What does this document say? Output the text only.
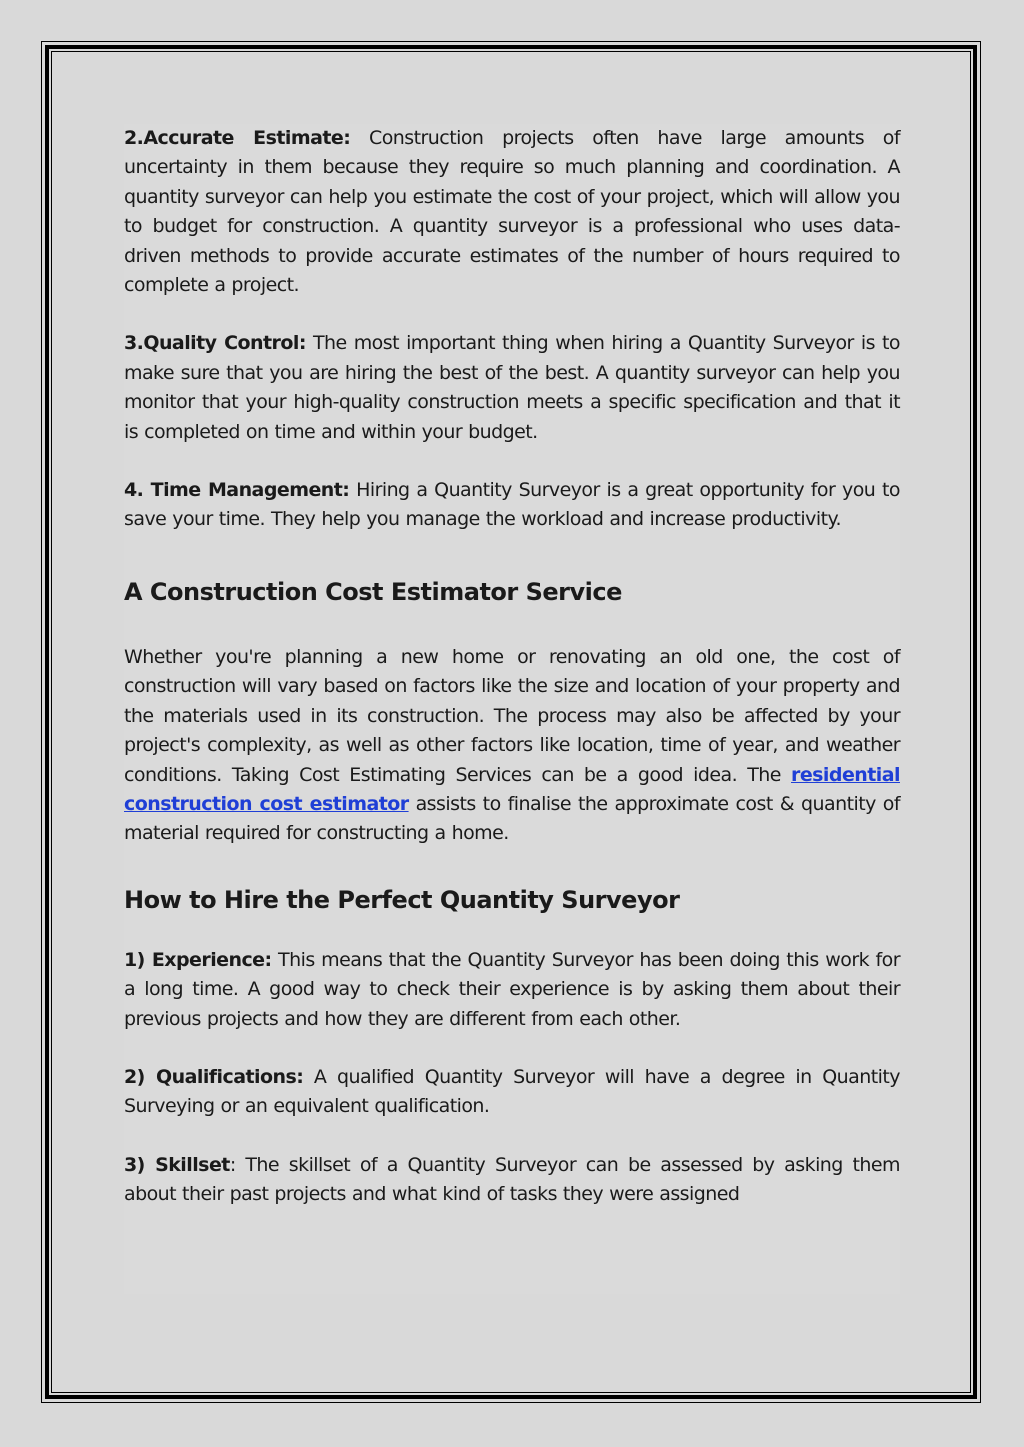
2.Accurate Estimate: Construction projects often have large amounts of uncertainty in them because they require so much planning and coordination. A quantity surveyor can help you estimate the cost of your project, which will allow you to budget for construction. A quantity surveyor is a professional who uses data-driven methods to provide accurate estimates of the number of hours required to complete a project.

3.Quality Control: The most important thing when hiring a Quantity Surveyor is to make sure that you are hiring the best of the best. A quantity surveyor can help you monitor that your high-quality construction meets a specific specification and that it is completed on time and within your budget.

4. Time Management: Hiring a Quantity Surveyor is a great opportunity for you to save your time. They help you manage the workload and increase productivity.

A Construction Cost Estimator Service

Whether you're planning a new home or renovating an old one, the cost of construction will vary based on factors like the size and location of your property and the materials used in its construction. The process may also be affected by your project's complexity, as well as other factors like location, time of year, and weather conditions. Taking Cost Estimating Services can be a good idea. The residential construction cost estimator assists to finalise the approximate cost & quantity of material required for constructing a home.

How to Hire the Perfect Quantity Surveyor

1) Experience: This means that the Quantity Surveyor has been doing this work for a long time. A good way to check their experience is by asking them about their previous projects and how they are different from each other.

2) Qualifications: A qualified Quantity Surveyor will have a degree in Quantity Surveying or an equivalent qualification.

3) Skillset: The skillset of a Quantity Surveyor can be assessed by asking them about their past projects and what kind of tasks they were assigned
